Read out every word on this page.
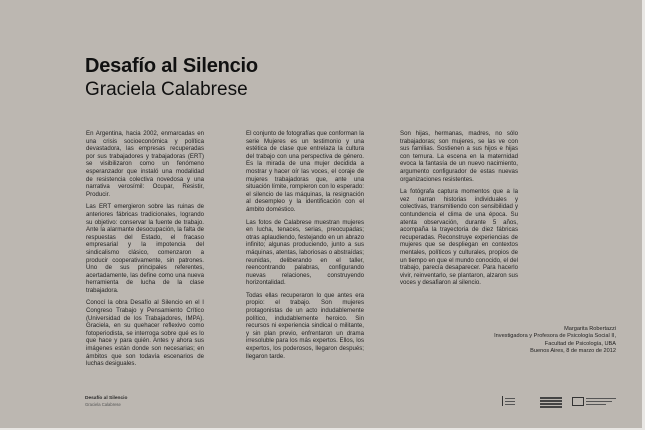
Desafío al Silencio
Graciela Calabrese

En Argentina, hacia 2002, enmarcadas en una crisis socioeconómica y política devastadora, las empresas recuperadas por sus trabajadores y trabajadoras (ERT) se visibilizaron como un fenómeno esperanzador que instaló una modalidad de resistencia colectiva novedosa y una narrativa verosímil: Ocupar, Resistir, Producir.

Las ERT emergieron sobre las ruinas de anteriores fábricas tradicionales, logrando su objetivo: conservar la fuente de trabajo. Ante la alarmante desocupación, la falta de respuestas del Estado, el fracaso empresarial y la impotencia del sindicalismo clásico, comenzaron a producir cooperativamente, sin patrones. Uno de sus principales referentes, acertadamente, las define como una nueva herramienta de lucha de la clase trabajadora.

Conocí la obra Desafío al Silencio en el I Congreso Trabajo y Pensamiento Crítico (Universidad de los Trabajadores, IMPA). Graciela, en su quehacer reflexivo como fotoperiodista, se interroga sobre qué es lo que hace y para quién. Antes y ahora sus imágenes están donde son necesarias; en ámbitos que son todavía escenarios de luchas desiguales.

El conjunto de fotografías que conforman la serie Mujeres es un testimonio y una estética de clase que entrelaza la cultura del trabajo con una perspectiva de género. Es la mirada de una mujer decidida a mostrar y hacer oír las voces, el coraje de mujeres trabajadoras que, ante una situación límite, rompieron con lo esperado: el silencio de las máquinas, la resignación al desempleo y la identificación con el ámbito doméstico.

Las fotos de Calabrese muestran mujeres en lucha, tenaces, serias, preocupadas; otras aplaudiendo, festejando en un abrazo infinito; algunas produciendo, junto a sus máquinas, atentas, laboriosas o abstraídas; reunidas, deliberando en el taller, reencontrando palabras, configurando nuevas relaciones, construyendo horizontalidad.

Todas ellas recuperaron lo que antes era propio: el trabajo. Son mujeres protagonistas de un acto indudablemente político, indudablemente heroico. Sin recursos ni experiencia sindical o militante, y sin plan previo, enfrentaron un drama irresoluble para los más expertos. Ellos, los expertos, los poderosos, llegaron después; llegaron tarde.

Son hijas, hermanas, madres, no sólo trabajadoras; son mujeres, se las ve con sus familias. Sostienen a sus hijos e hijas con ternura. La escena en la maternidad evoca la fantasía de un nuevo nacimiento, argumento configurador de estas nuevas organizaciones resistentes.

La fotógrafa captura momentos que a la vez narran historias individuales y colectivas, transmitiendo con sensibilidad y contundencia el clima de una época. Su atenta observación, durante 5 años, acompaña la trayectoria de diez fábricas recuperadas. Reconstruye experiencias de mujeres que se despliegan en contextos mentales, políticos y culturales, propios de un tiempo en que el mundo conocido, el del trabajo, parecía desaparecer. Para hacerlo vivir, reinventarlo, se plantaron, alzaron sus voces y desafiaron al silencio.

Margarita Robertazzi
Investigadora y Profesora de Psicología Social II,
Facultad de Psicología, UBA
Buenos Aires, 8 de marzo de 2012
Desafío al Silencio
Graciela Calabrese
